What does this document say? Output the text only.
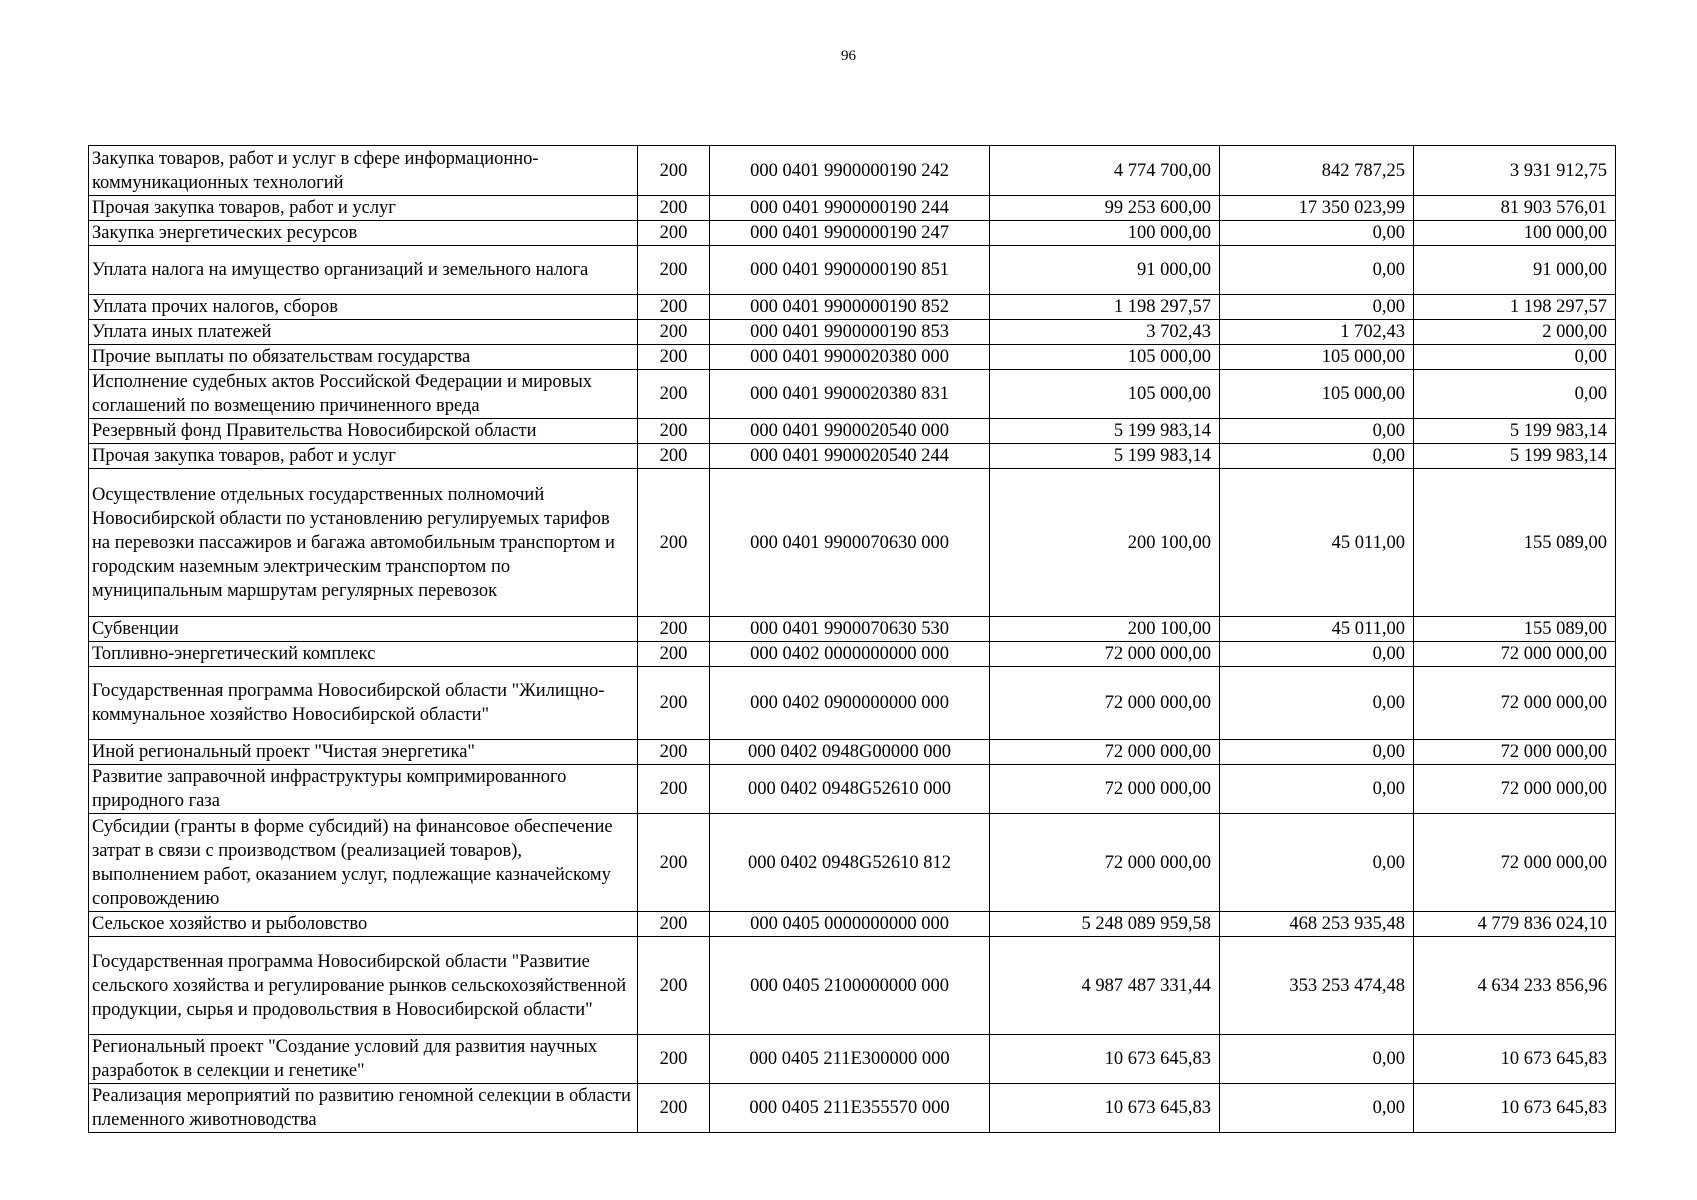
96
Закупка товаров, работ и услуг в сфере информационно-коммуникационных технологий	200	000 0401 9900000190 242	4 774 700,00	842 787,25	3 931 912,75
Прочая закупка товаров, работ и услуг	200	000 0401 9900000190 244	99 253 600,00	17 350 023,99	81 903 576,01
Закупка энергетических ресурсов	200	000 0401 9900000190 247	100 000,00	0,00	100 000,00
Уплата налога на имущество организаций и земельного налога	200	000 0401 9900000190 851	91 000,00	0,00	91 000,00
Уплата прочих налогов, сборов	200	000 0401 9900000190 852	1 198 297,57	0,00	1 198 297,57
Уплата иных платежей	200	000 0401 9900000190 853	3 702,43	1 702,43	2 000,00
Прочие выплаты по обязательствам государства	200	000 0401 9900020380 000	105 000,00	105 000,00	0,00
Исполнение судебных актов Российской Федерации и мировых соглашений по возмещению причиненного вреда	200	000 0401 9900020380 831	105 000,00	105 000,00	0,00
Резервный фонд Правительства Новосибирской области	200	000 0401 9900020540 000	5 199 983,14	0,00	5 199 983,14
Прочая закупка товаров, работ и услуг	200	000 0401 9900020540 244	5 199 983,14	0,00	5 199 983,14
Осуществление отдельных государственных полномочий Новосибирской области по установлению регулируемых тарифов на перевозки пассажиров и багажа автомобильным транспортом и городским наземным электрическим транспортом по муниципальным маршрутам регулярных перевозок	200	000 0401 9900070630 000	200 100,00	45 011,00	155 089,00
Субвенции	200	000 0401 9900070630 530	200 100,00	45 011,00	155 089,00
Топливно-энергетический комплекс	200	000 0402 0000000000 000	72 000 000,00	0,00	72 000 000,00
Государственная программа Новосибирской области "Жилищно-коммунальное хозяйство Новосибирской области"	200	000 0402 0900000000 000	72 000 000,00	0,00	72 000 000,00
Иной региональный проект "Чистая энергетика"	200	000 0402 0948G00000 000	72 000 000,00	0,00	72 000 000,00
Развитие заправочной инфраструктуры компримированного природного газа	200	000 0402 0948G52610 000	72 000 000,00	0,00	72 000 000,00
Субсидии (гранты в форме субсидий) на финансовое обеспечение затрат в связи с производством (реализацией товаров), выполнением работ, оказанием услуг, подлежащие казначейскому сопровождению	200	000 0402 0948G52610 812	72 000 000,00	0,00	72 000 000,00
Сельское хозяйство и рыболовство	200	000 0405 0000000000 000	5 248 089 959,58	468 253 935,48	4 779 836 024,10
Государственная программа Новосибирской области "Развитие сельского хозяйства и регулирование рынков сельскохозяйственной продукции, сырья и продовольствия в Новосибирской области"	200	000 0405 2100000000 000	4 987 487 331,44	353 253 474,48	4 634 233 856,96
Региональный проект "Создание условий для развития научных разработок в селекции и генетике"	200	000 0405 211E300000 000	10 673 645,83	0,00	10 673 645,83
Реализация мероприятий по развитию геномной селекции в области племенного животноводства	200	000 0405 211E355570 000	10 673 645,83	0,00	10 673 645,83
